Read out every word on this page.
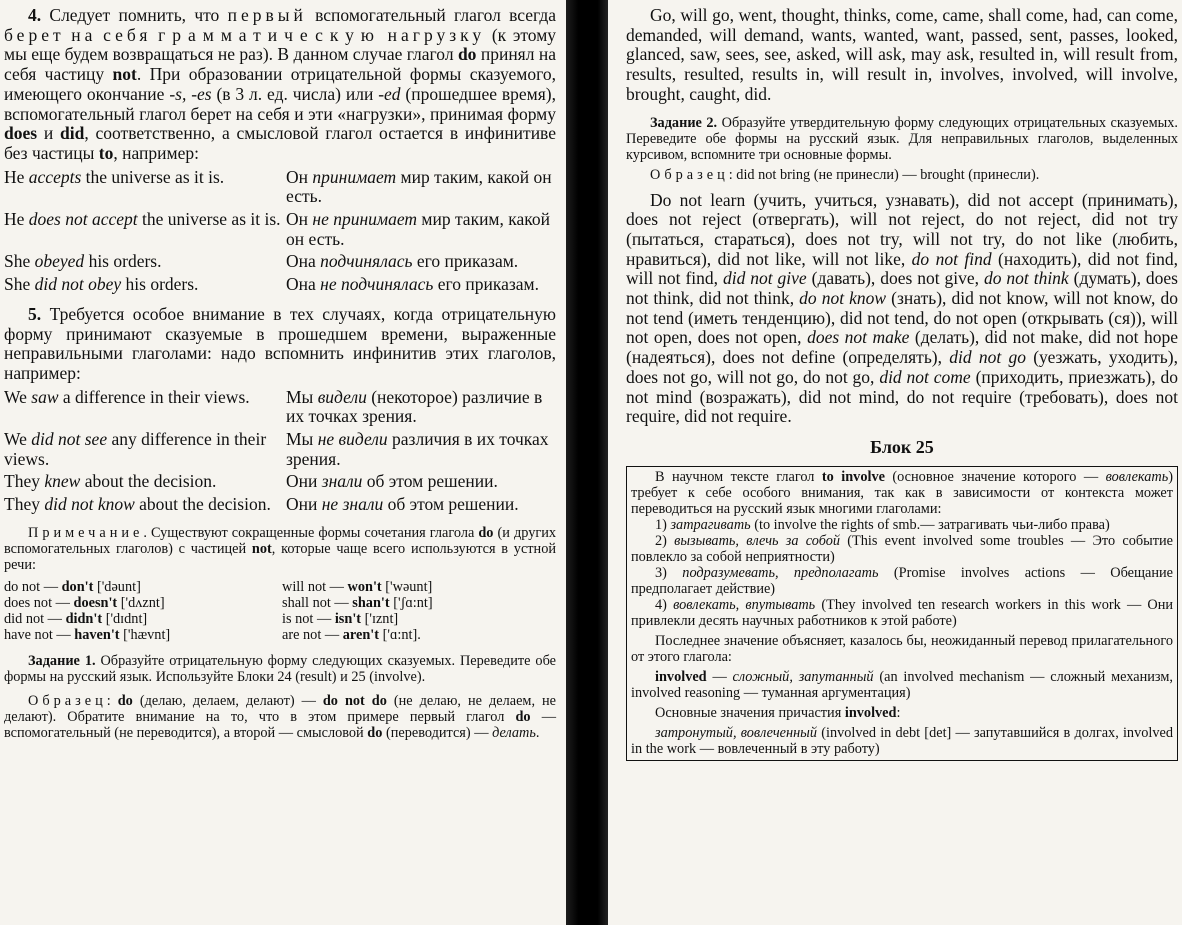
4. Следует помнить, что первый вспомогательный глагол всегда берет на себя грамматическую нагрузку (к этому мы еще будем возвращаться не раз). В данном случае глагол do принял на себя частицу not. При образовании отрицательной формы сказуемого, имеющего окончание -s, -es (в 3 л. ед. числа) или -ed (прошедшее время), вспомогательный глагол берет на себя и эти «нагрузки», принимая форму does и did, соответственно, а смысловой глагол остается в инфинитиве без частицы to, например:

He accepts the universe as it is.	Он принимает мир таким, какой он есть.
He does not accept the universe as it is.	Он не принимает мир таким, какой он есть.
She obeyed his orders.	Она подчинялась его приказам.
She did not obey his orders.	Она не подчинялась его приказам.

5. Требуется особое внимание в тех случаях, когда отрицательную форму принимают сказуемые в прошедшем времени, выраженные неправильными глаголами: надо вспомнить инфинитив этих глаголов, например:

We saw a difference in their views.	Мы видели (некоторое) различие в их точках зрения.
We did not see any difference in their views.	Мы не видели различия в их точках зрения.
They knew about the decision.	Они знали об этом решении.
They did not know about the decision.	Они не знали об этом решении.

Примечание. Существуют сокращенные формы сочетания глагола do (и других вспомогательных глаголов) с частицей not, которые чаще всего используются в устной речи:

do not — don't ['dәunt]	will not — won't ['wәunt]
does not — doesn't ['dʌznt]	shall not — shan't ['ʃɑ:nt]
did not — didn't ['dɪdnt]	is not — isn't ['ɪznt]
have not — haven't ['hævnt]	are not — aren't ['ɑ:nt].

Задание 1. Образуйте отрицательную форму следующих сказуемых. Переведите обе формы на русский язык. Используйте Блоки 24 (result) и 25 (involve).

Образец: do (делаю, делаем, делают) — do not do (не делаю, не делаем, не делают). Обратите внимание на то, что в этом примере первый глагол do — вспомогательный (не переводится), а второй — смысловой do (переводится) — делать.

Go, will go, went, thought, thinks, come, came, shall come, had, can come, demanded, will demand, wants, wanted, want, passed, sent, passes, looked, glanced, saw, sees, see, asked, will ask, may ask, resulted in, will result from, results, resulted, results in, will result in, involves, involved, will involve, brought, caught, did.

Задание 2. Образуйте утвердительную форму следующих отрицательных сказуемых. Переведите обе формы на русский язык. Для неправильных глаголов, выделенных курсивом, вспомните три основные формы.

Образец: did not bring (не принесли) — brought (принесли).

Do not learn (учить, учиться, узнавать), did not accept (принимать), does not reject (отвергать), will not reject, do not reject, did not try (пытаться, стараться), does not try, will not try, do not like (любить, нравиться), did not like, will not like, do not find (находить), did not find, will not find, did not give (давать), does not give, do not think (думать), does not think, did not think, do not know (знать), did not know, will not know, do not tend (иметь тенденцию), did not tend, do not open (открывать (ся)), will not open, does not open, does not make (делать), did not make, did not hope (надеяться), does not define (определять), did not go (уезжать, уходить), does not go, will not go, do not go, did not come (приходить, приезжать), do not mind (возражать), did not mind, do not require (требовать), does not require, did not require.

Блок 25

В научном тексте глагол to involve (основное значение которого — вовлекать) требует к себе особого внимания, так как в зависимости от контекста может переводиться на русский язык многими глаголами:

1) затрагивать (to involve the rights of smb.— затрагивать чьи-либо права)

2) вызывать, влечь за собой (This event involved some troubles — Это событие повлекло за собой неприятности)

3) подразумевать, предполагать (Promise involves actions — Обещание предполагает действие)

4) вовлекать, впутывать (They involved ten research workers in this work — Они привлекли десять научных работников к этой работе)

Последнее значение объясняет, казалось бы, неожиданный перевод прилагательного от этого глагола:

involved — сложный, запутанный (an involved mechanism — сложный механизм, involved reasoning — туманная аргументация)

Основные значения причастия involved:

затронутый, вовлеченный (involved in debt [det] — запутавшийся в долгах, involved in the work — вовлеченный в эту работу)
